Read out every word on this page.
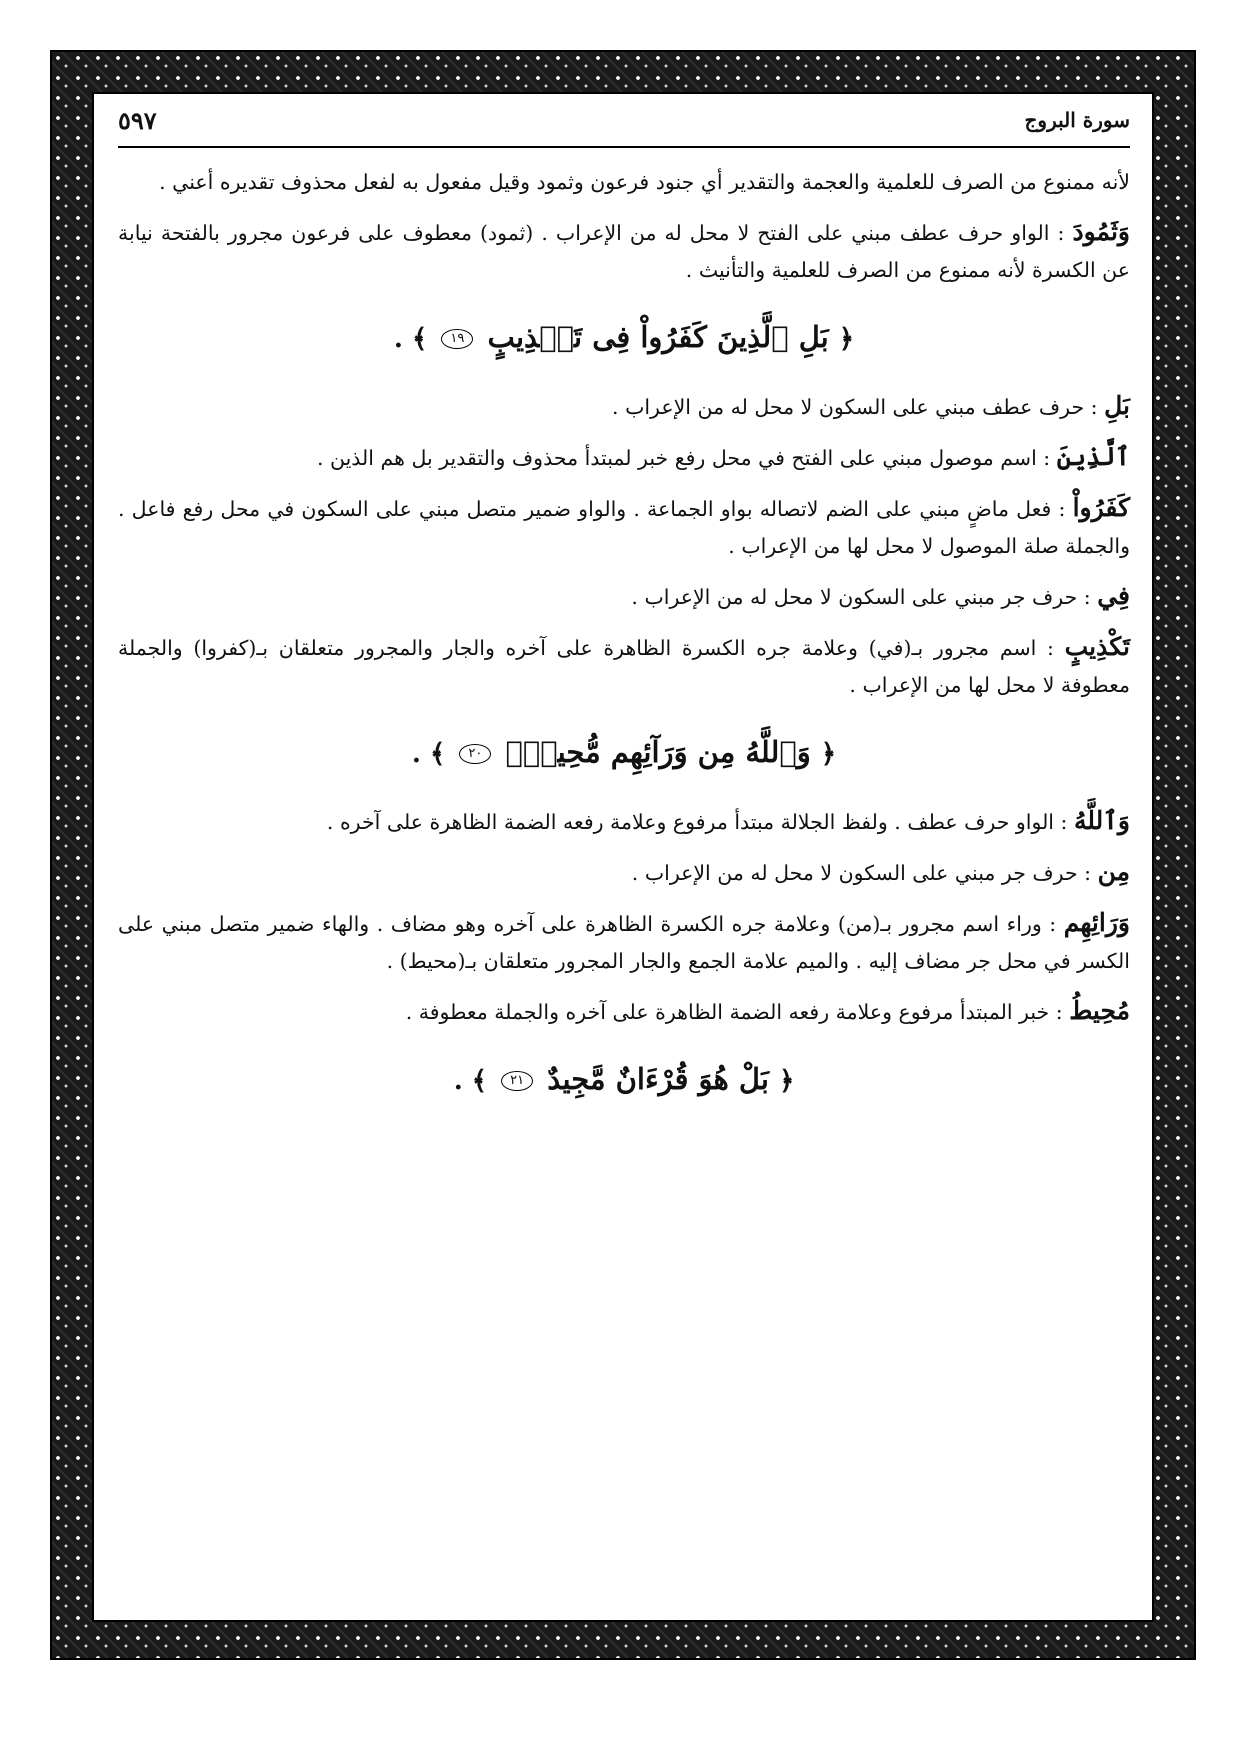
سورة البروج
٥٩٧

لأنه ممنوع من الصرف للعلمية والعجمة والتقدير أي جنود فرعون وثمود وقيل مفعول به لفعل محذوف تقديره أعني .

وَثَمُودَ : الواو حرف عطف مبني على الفتح لا محل له من الإعراب . (ثمود) معطوف على فرعون مجرور بالفتحة نيابة عن الكسرة لأنه ممنوع من الصرف للعلمية والتأنيث .

﴿ بَلِ ٱلَّذِينَ كَفَرُواْ فِى تَكۡذِيبٍ ١٩ ﴾ .

بَلِ : حرف عطف مبني على السكون لا محل له من الإعراب .

ٱلَّذِينَ : اسم موصول مبني على الفتح في محل رفع خبر لمبتدأ محذوف والتقدير بل هم الذين .

كَفَرُواْ : فعل ماضٍ مبني على الضم لاتصاله بواو الجماعة . والواو ضمير متصل مبني على السكون في محل رفع فاعل . والجملة صلة الموصول لا محل لها من الإعراب .

فِي : حرف جر مبني على السكون لا محل له من الإعراب .

تَكْذِيبٍ : اسم مجرور بـ(في) وعلامة جره الكسرة الظاهرة على آخره والجار والمجرور متعلقان بـ(كفروا) والجملة معطوفة لا محل لها من الإعراب .

﴿ وَٱللَّهُ مِن وَرَآئِهِم مُّحِيطُۢ ٢٠ ﴾ .

وَٱللَّهُ : الواو حرف عطف . ولفظ الجلالة مبتدأ مرفوع وعلامة رفعه الضمة الظاهرة على آخره .

مِن : حرف جر مبني على السكون لا محل له من الإعراب .

وَرَائِهِم : وراء اسم مجرور بـ(من) وعلامة جره الكسرة الظاهرة على آخره وهو مضاف . والهاء ضمير متصل مبني على الكسر في محل جر مضاف إليه . والميم علامة الجمع والجار المجرور متعلقان بـ(محيط) .

مُحِيطُ : خبر المبتدأ مرفوع وعلامة رفعه الضمة الظاهرة على آخره والجملة معطوفة .

﴿ بَلْ هُوَ قُرْءَانٌ مَّجِيدٌ ٢١ ﴾ .
